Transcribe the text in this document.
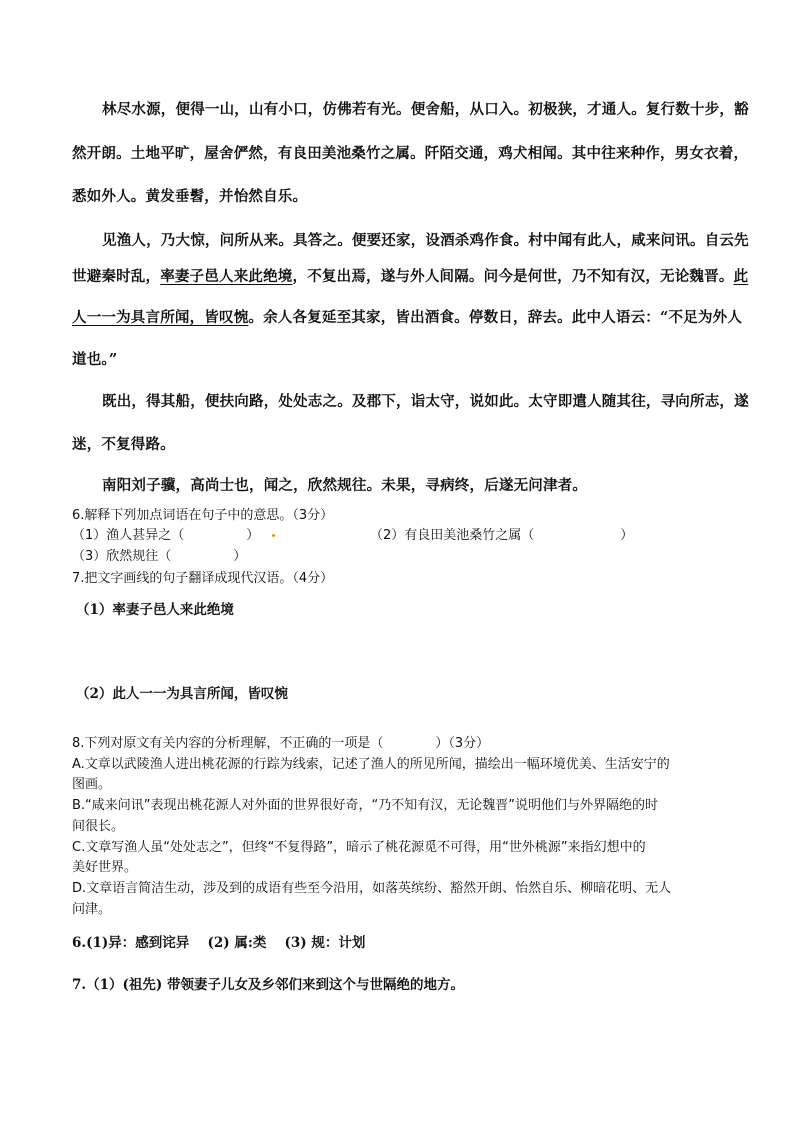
林尽水源，便得一山，山有小口，仿佛若有光。便舍船，从口入。初极狭，才通人。复行数十步，豁
然开朗。土地平旷，屋舍俨然，有良田美池桑竹之属。阡陌交通，鸡犬相闻。其中往来种作，男女衣着，
悉如外人。黄发垂髫，并怡然自乐。
见渔人，乃大惊，问所从来。具答之。便要还家，设酒杀鸡作食。村中闻有此人，咸来问讯。自云先
世避秦时乱，率妻子邑人来此绝境，不复出焉，遂与外人间隔。问今是何世，乃不知有汉，无论魏晋。此
人一一为具言所闻，皆叹惋。余人各复延至其家，皆出酒食。停数日，辞去。此中人语云：“不足为外人
道也。”
既出，得其船，便扶向路，处处志之。及郡下，诣太守，说如此。太守即遣人随其往，寻向所志，遂
迷，不复得路。
南阳刘子骥，高尚士也，闻之，欣然规往。未果，寻病终，后遂无问津者。
6.解释下列加点词语在句子中的意思。（3分）
（1）渔人甚异之（	）	（2）有良田美池桑竹之属（	）
（3）欣然规往（	）
7.把文字画线的句子翻译成现代汉语。（4分）
（1）率妻子邑人来此绝境
（2）此人一一为具言所闻，皆叹惋
8.下列对原文有关内容的分析理解，不正确的一项是（　　　　）（3分）
A.文章以武陵渔人进出桃花源的行踪为线索，记述了渔人的所见所闻，描绘出一幅环境优美、生活安宁的
图画。
B.“咸来问讯”表现出桃花源人对外面的世界很好奇，“乃不知有汉，无论魏晋”说明他们与外界隔绝的时
间很长。
C.文章写渔人虽“处处志之”，但终“不复得路”，暗示了桃花源觅不可得，用“世外桃源”来指幻想中的
美好世界。
D.文章语言简洁生动，涉及到的成语有些至今沿用，如落英缤纷、豁然开朗、怡然自乐、柳暗花明、无人
问津。
6.(1)异：感到诧异　 (2) 属:类　 (3) 规：计划
7.（1）(祖先) 带领妻子儿女及乡邻们来到这个与世隔绝的地方。
